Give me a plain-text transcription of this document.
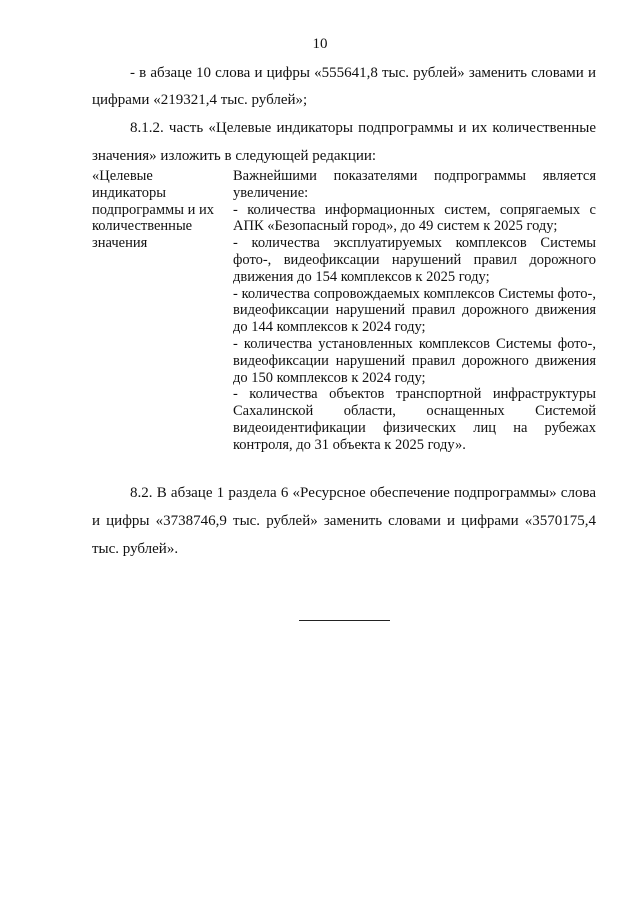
10
- в абзаце 10 слова и цифры «555641,8 тыс. рублей» заменить словами и цифрами «219321,4 тыс. рублей»;
8.1.2. часть «Целевые индикаторы подпрограммы и их количественные значения» изложить в следующей редакции:

«Целевые

индикаторы

подпрограммы и их

количественные

значения

Важнейшими показателями подпрограммы является увеличение:

- количества информационных систем, сопрягаемых с АПК «Безопасный город», до 49 систем к 2025 году;

- количества эксплуатируемых комплексов Системы фото-, видеофиксации нарушений правил дорожного движения до 154 комплексов к 2025 году;

- количества сопровождаемых комплексов Системы фото-, видеофиксации нарушений правил дорожного движения до 144 комплексов к 2024 году;

- количества установленных комплексов Системы фото-, видеофиксации нарушений правил дорожного движения до 150 комплексов к 2024 году;

- количества объектов транспортной инфраструктуры Сахалинской области, оснащенных Системой видеоидентификации физических лиц на рубежах контроля, до 31 объекта к 2025 году».

8.2. В абзаце 1 раздела 6 «Ресурсное обеспечение подпрограммы» слова и цифры «3738746,9 тыс. рублей» заменить словами и цифрами «3570175,4 тыс. рублей».
